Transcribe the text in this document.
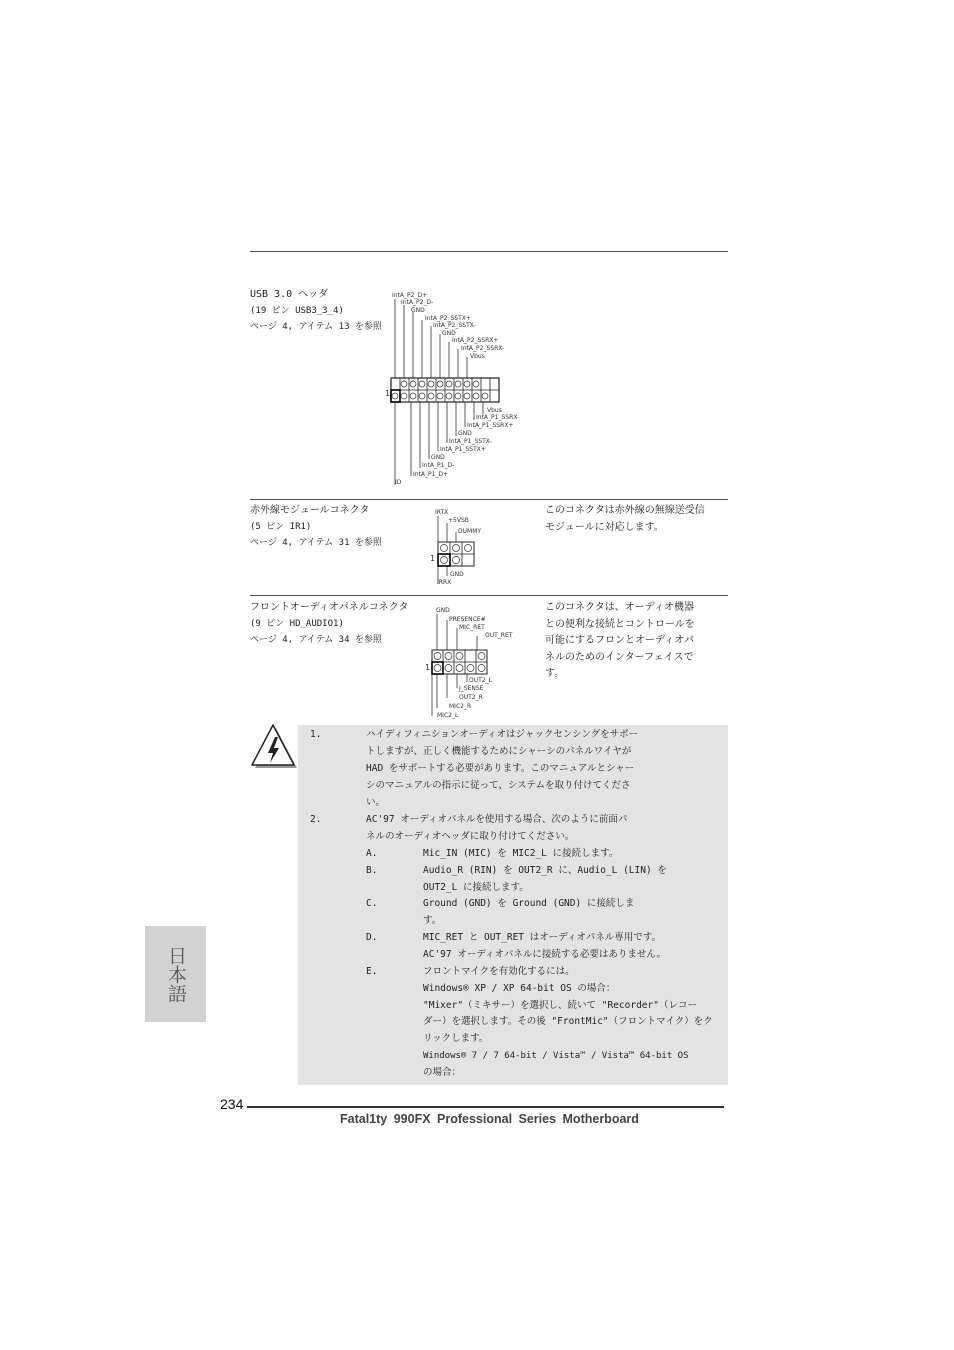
USB 3.0 ヘッダ
(19 ピン USB3_3_4)
ページ 4, アイテム 13 を参照
IntA_P2_D+
IntA_P2_D-
GND
IntA_P2_SSTX+
IntA_P2_SSTX-
GND
IntA_P2_SSRX+
IntA_P2_SSRX-
Vbus
1
Vbus
IntA_P1_SSRX-
IntA_P1_SSRX+
GND
IntA_P1_SSTX-
IntA_P1_SSTX+
GND
IntA_P1_D-
IntA_P1_D+
ID
赤外線モジュールコネクタ
(5 ピン IR1)
ページ 4, アイテム 31 を参照
IRTX
+5VSB
DUMMY
GND
IRRX
1
このコネクタは赤外線の無線送受信
モジュールに対応します。
フロントオーディオパネルコネクタ
(9 ピン HD_AUDIO1)
ページ 4, アイテム 34 を参照
GND
PRESENCE#
MIC_RET
OUT_RET
OUT2_L
J_SENSE
OUT2_R
MIC2_R
MIC2_L
1
このコネクタは、オーディオ機器
との便利な接続とコントロールを
可能にするフロンとオーディオパ
ネルのためのインターフェイスで
す。
1.	ハイディフィニションオーディオはジャックセンシングをサポー
トしますが、正しく機能するためにシャーシのパネルワイヤが
HAD をサポートする必要があります。このマニュアルとシャー
シのマニュアルの指示に従って、システムを取り付けてくださ
い。
2.	AC'97 オーディオパネルを使用する場合、次のように前面パ
ネルのオーディオヘッダに取り付けてください。
A.	Mic_IN (MIC) を MIC2_L に接続します。
B.	Audio_R (RIN) を OUT2_R に、Audio_L (LIN) を
OUT2_L に接続します。
C.	Ground (GND) を Ground (GND) に接続しま
す。
D.	MIC_RET と OUT_RET はオーディオパネル専用です。
AC'97 オーディオパネルに接続する必要はありません。
E.	フロントマイクを有効化するには。
Windows® XP / XP 64-bit OS の場合：
"Mixer"（ミキサー）を選択し、続いて "Recorder"（レコー
ダー）を選択します。その後 "FrontMic"（フロントマイク）をク
リックします。
Windows® 7 / 7 64-bit / Vista™ / Vista™ 64-bit OS
の場合：
日本語
234
Fatal1ty 990FX Professional Series Motherboard
